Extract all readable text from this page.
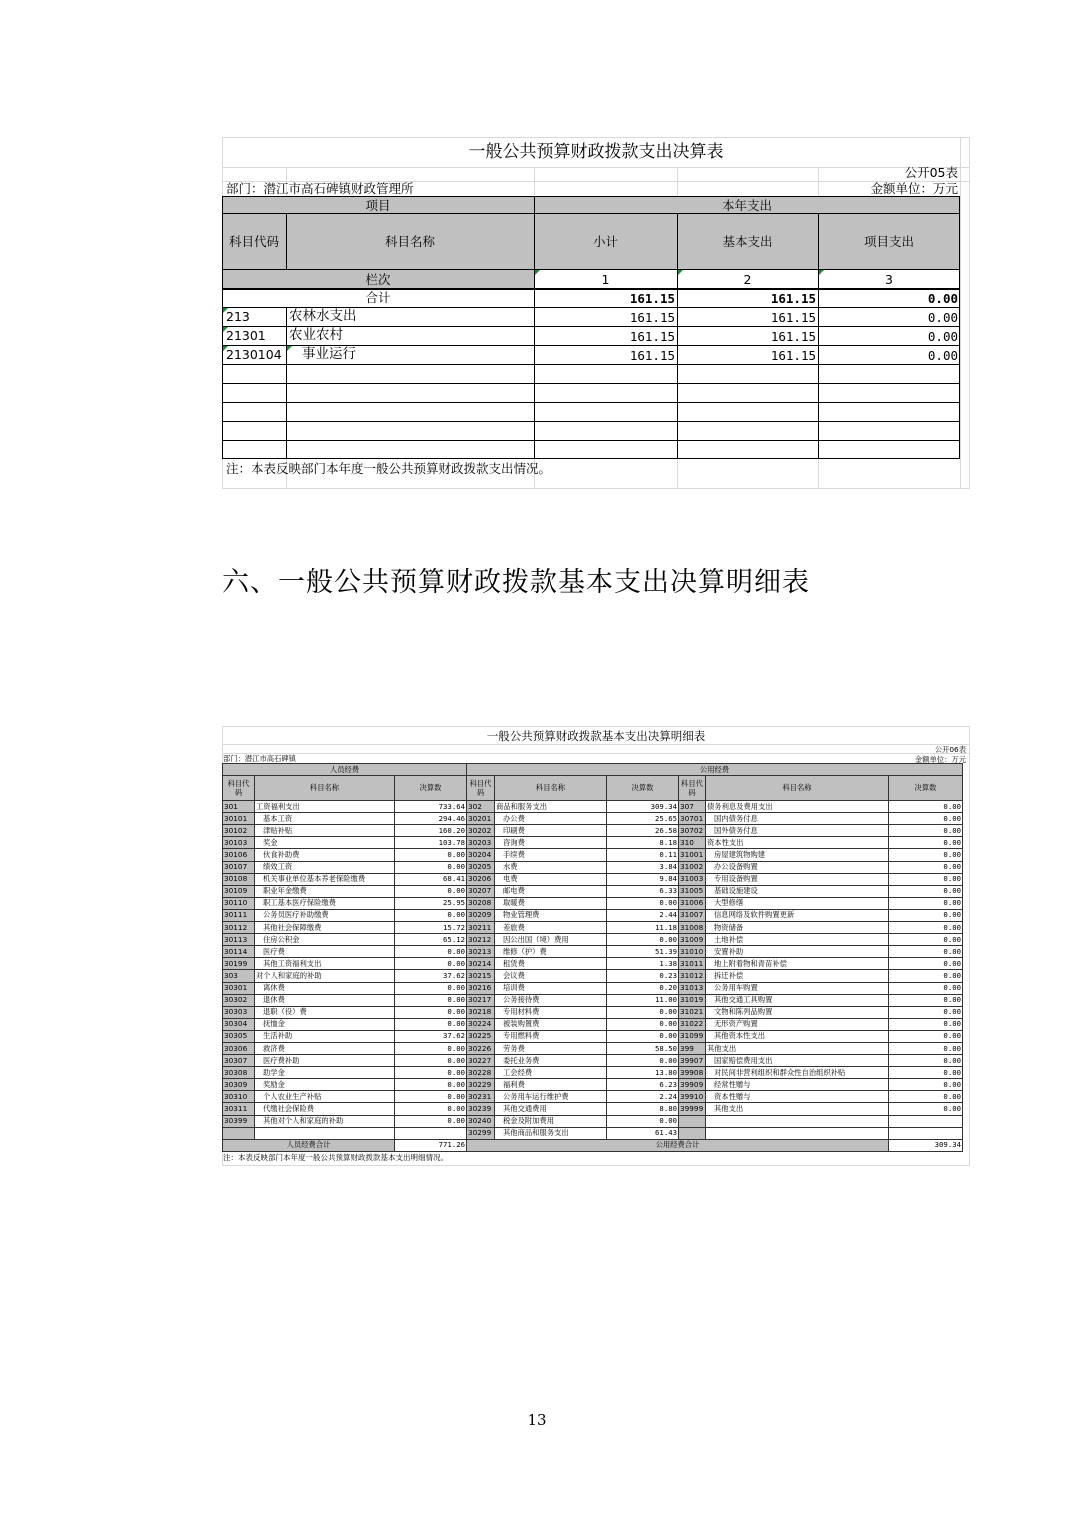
一般公共预算财政拨款支出决算表
公开05表
部门：潜江市高石碑镇财政管理所	金额单位：万元
项目	本年支出
科目代码	科目名称	小计	基本支出	项目支出
栏次	1	2	3
合计	161.15	161.15	0.00
213	农林水支出	161.15	161.15	0.00
21301 农业农村	161.15	161.15	0.00
2130104 事业运行	161.15	161.15	0.00
注：本表反映部门本年度一般公共预算财政拨款支出情况。
六、一般公共预算财政拨款基本支出决算明细表
一般公共预算财政拨款基本支出决算明细表
公开06表
部门：潜江市高石碑镇	金额单位：万元
人员经费			公用经费					
科目代码	科目名称	决算数	科目代码	科目名称	决算数	科目代码	科目名称	决算数
301	工资福利支出	733.64	302	商品和服务支出	309.34	307	债务利息及费用支出	0.00
30101	基本工资	294.46	30201	办公费	25.65	30701	国内债务付息	0.00
30102	津贴补贴	160.20	30202	印刷费	26.58	30702	国外债务付息	0.00
30103	奖金	103.78	30203	咨询费	8.18	310	资本性支出	0.00
30106	伙食补助费	0.00	30204	手续费	0.11	31001	房屋建筑物购建	0.00
30107	绩效工资	0.00	30205	水费	3.84	31002	办公设备购置	0.00
30108	机关事业单位基本养老保险缴费	68.41	30206	电费	9.84	31003	专用设备购置	0.00
30109	职业年金缴费	0.00	30207	邮电费	6.33	31005	基础设施建设	0.00
30110	职工基本医疗保险缴费	25.95	30208	取暖费	0.00	31006	大型修缮	0.00
30111	公务员医疗补助缴费	0.00	30209	物业管理费	2.44	31007	信息网络及软件购置更新	0.00
30112	其他社会保障缴费	15.72	30211	差旅费	11.18	31008	物资储备	0.00
30113	住房公积金	65.12	30212	因公出国（境）费用	0.00	31009	土地补偿	0.00
30114	医疗费	0.00	30213	维修（护）费	51.39	31010	安置补助	0.00
30199	其他工资福利支出	0.00	30214	租赁费	1.38	31011	地上附着物和青苗补偿	0.00
303	对个人和家庭的补助	37.62	30215	会议费	0.23	31012	拆迁补偿	0.00
30301	离休费	0.00	30216	培训费	0.20	31013	公务用车购置	0.00
30302	退休费	0.00	30217	公务接待费	11.00	31019	其他交通工具购置	0.00
30303	退职（役）费	0.00	30218	专用材料费	0.00	31021	文物和陈列品购置	0.00
30304	抚恤金	0.00	30224	被装购置费	0.00	31022	无形资产购置	0.00
30305	生活补助	37.62	30225	专用燃料费	0.00	31099	其他资本性支出	0.00
30306	救济费	0.00	30226	劳务费	58.50	399	其他支出	0.00
30307	医疗费补助	0.00	30227	委托业务费	0.00	39907	国家赔偿费用支出	0.00
30308	助学金	0.00	30228	工会经费	13.80	39908	对民间非营利组织和群众性自治组织补贴	0.00
30309	奖励金	0.00	30229	福利费	6.23	39909	经常性赠与	0.00
30310	个人农业生产补贴	0.00	30231	公务用车运行维护费	2.24	39910	资本性赠与	0.00
30311	代缴社会保险费	0.00	30239	其他交通费用	8.80	39999	其他支出	0.00
30399	其他对个人和家庭的补助	0.00	30240	税金及附加费用	0.00			
			30299	其他商品和服务支出	61.43			
人员经费合计		771.26	公用经费合计					309.34
注：本表反映部门本年度一般公共预算财政拨款基本支出明细情况。
13
